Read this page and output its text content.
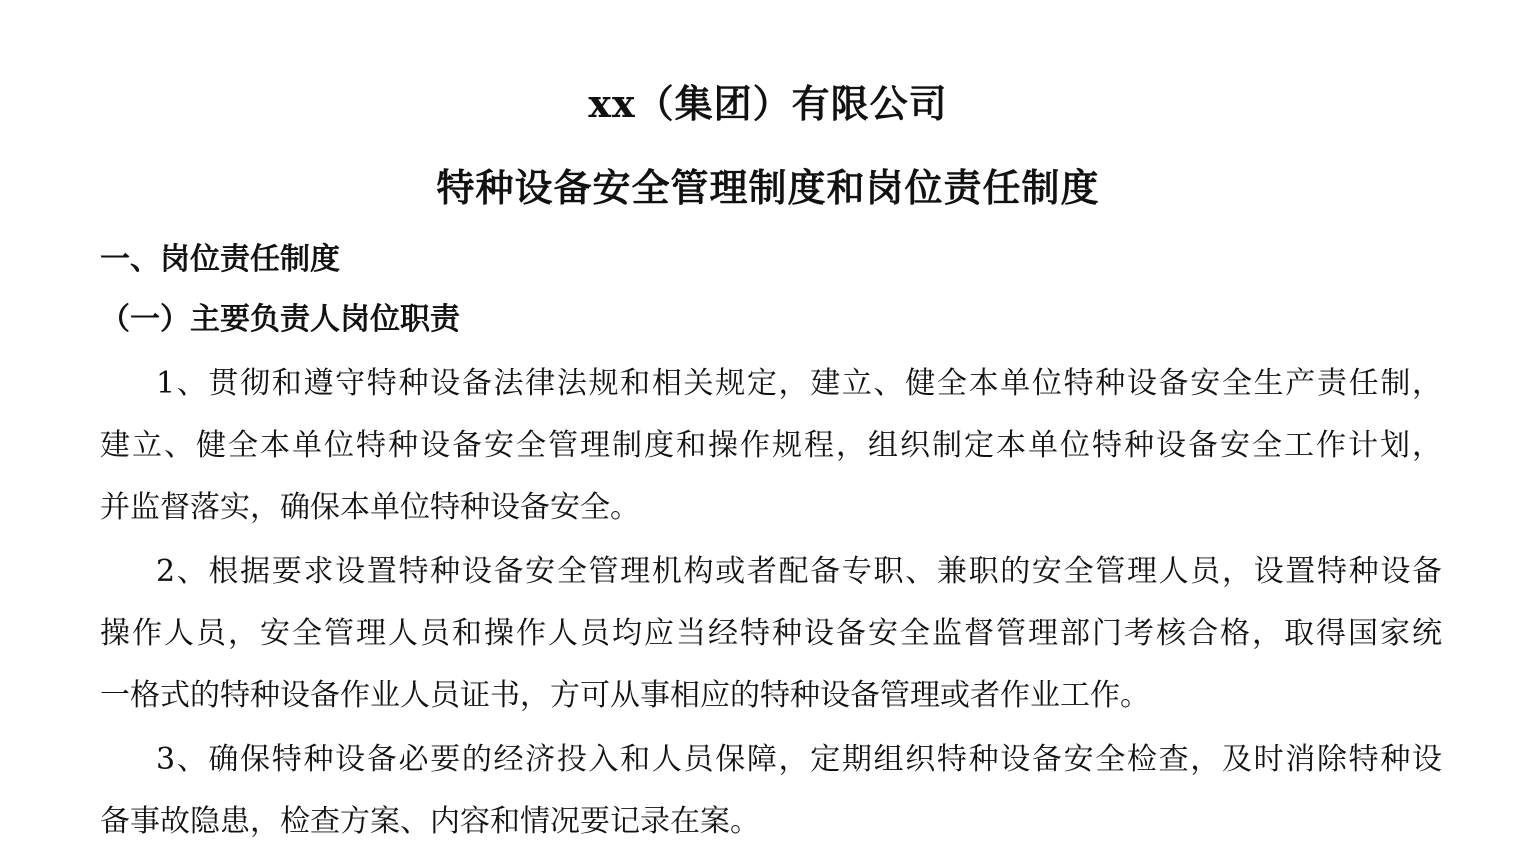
xx（集团）有限公司
特种设备安全管理制度和岗位责任制度
一、岗位责任制度
（一）主要负责人岗位职责
1、贯彻和遵守特种设备法律法规和相关规定，建立、健全本单位特种设备安全生产责任制，
建立、健全本单位特种设备安全管理制度和操作规程，组织制定本单位特种设备安全工作计划，
并监督落实，确保本单位特种设备安全。
2、根据要求设置特种设备安全管理机构或者配备专职、兼职的安全管理人员，设置特种设备
操作人员，安全管理人员和操作人员均应当经特种设备安全监督管理部门考核合格，取得国家统
一格式的特种设备作业人员证书，方可从事相应的特种设备管理或者作业工作。
3、确保特种设备必要的经济投入和人员保障，定期组织特种设备安全检查，及时消除特种设
备事故隐患，检查方案、内容和情况要记录在案。
